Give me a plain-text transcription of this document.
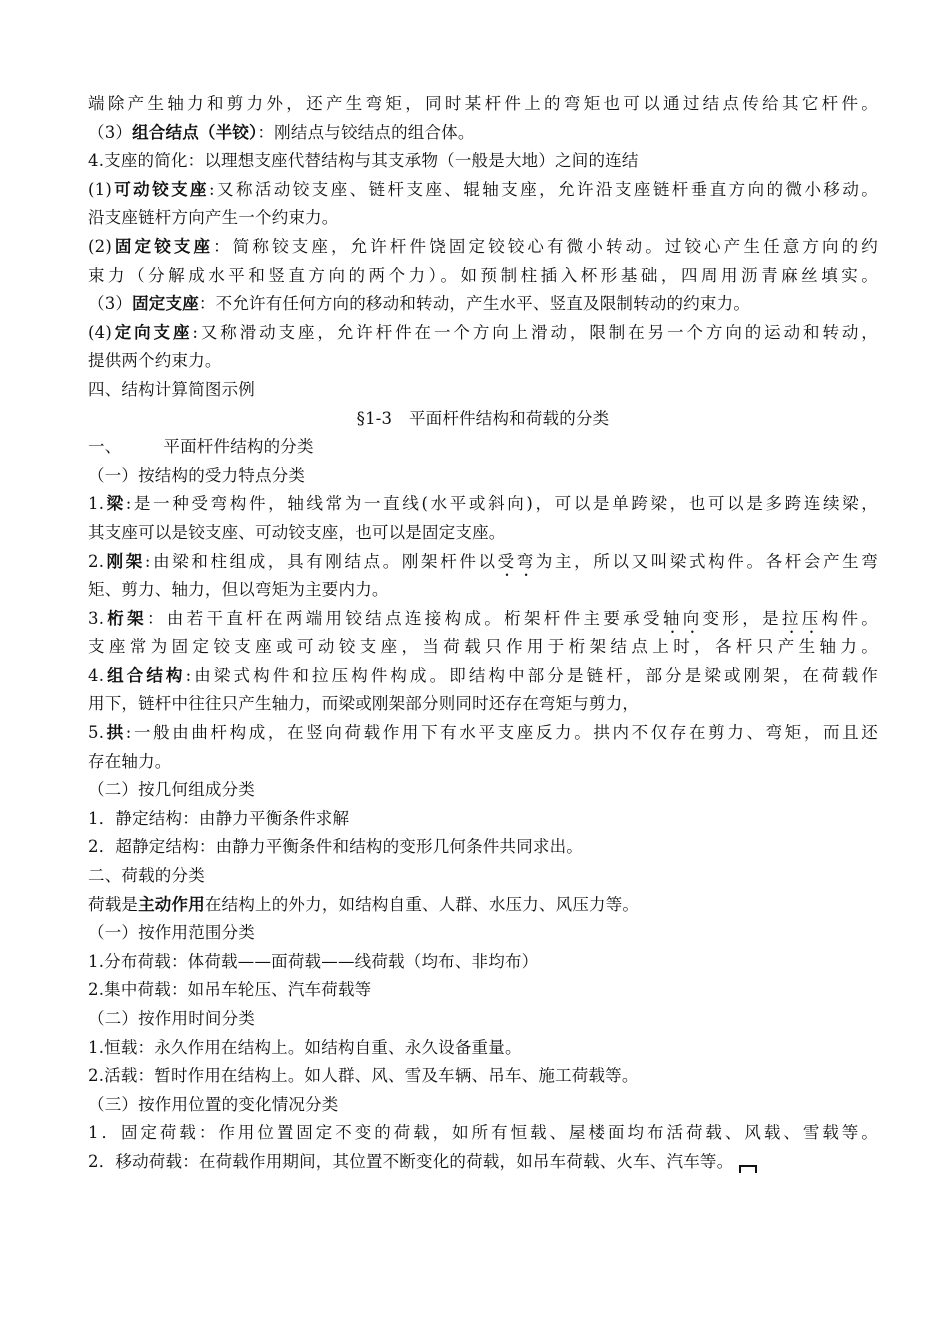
端除产生轴力和剪力外，还产生弯矩，同时某杆件上的弯矩也可以通过结点传给其它杆件。
（3）组合结点（半铰）：刚结点与铰结点的组合体。
4.支座的简化：以理想支座代替结构与其支承物（一般是大地）之间的连结
(1)可动铰支座:又称活动铰支座、链杆支座、辊轴支座，允许沿支座链杆垂直方向的微小移动。
沿支座链杆方向产生一个约束力。
(2)固定铰支座：简称铰支座，允许杆件饶固定铰铰心有微小转动。过铰心产生任意方向的约
束力（分解成水平和竖直方向的两个力）。如预制柱插入杯形基础，四周用沥青麻丝填实。
（3）固定支座：不允许有任何方向的移动和转动，产生水平、竖直及限制转动的约束力。
(4)定向支座:又称滑动支座，允许杆件在一个方向上滑动，限制在另一个方向的运动和转动，
提供两个约束力。
四、结构计算简图示例
§1-3　平面杆件结构和荷载的分类
一、	平面杆件结构的分类
（一）按结构的受力特点分类
1.梁:是一种受弯构件，轴线常为一直线(水平或斜向)，可以是单跨梁，也可以是多跨连续梁，
其支座可以是铰支座、可动铰支座，也可以是固定支座。
2.刚架:由梁和柱组成，具有刚结点。刚架杆件以受弯为主，所以又叫梁式构件。各杆会产生弯
矩、剪力、轴力，但以弯矩为主要内力。
3.桁架：由若干直杆在两端用铰结点连接构成。桁架杆件主要承受轴向变形，是拉压构件。
支座常为固定铰支座或可动铰支座，当荷载只作用于桁架结点上时，各杆只产生轴力。
4.组合结构:由梁式构件和拉压构件构成。即结构中部分是链杆，部分是梁或刚架，在荷载作
用下，链杆中往往只产生轴力，而梁或刚架部分则同时还存在弯矩与剪力，
5.拱:一般由曲杆构成，在竖向荷载作用下有水平支座反力。拱内不仅存在剪力、弯矩，而且还
存在轴力。
（二）按几何组成分类
1．静定结构：由静力平衡条件求解
2．超静定结构：由静力平衡条件和结构的变形几何条件共同求出。
二、荷载的分类
荷载是主动作用在结构上的外力，如结构自重、人群、水压力、风压力等。
（一）按作用范围分类
1.分布荷载：体荷载——面荷载——线荷载（均布、非均布）
2.集中荷载：如吊车轮压、汽车荷载等
（二）按作用时间分类
1.恒载：永久作用在结构上。如结构自重、永久设备重量。
2.活载：暂时作用在结构上。如人群、风、雪及车辆、吊车、施工荷载等。
（三）按作用位置的变化情况分类
1．固定荷载：作用位置固定不变的荷载，如所有恒载、屋楼面均布活荷载、风载、雪载等。
2．移动荷载：在荷载作用期间，其位置不断变化的荷载，如吊车荷载、火车、汽车等。
